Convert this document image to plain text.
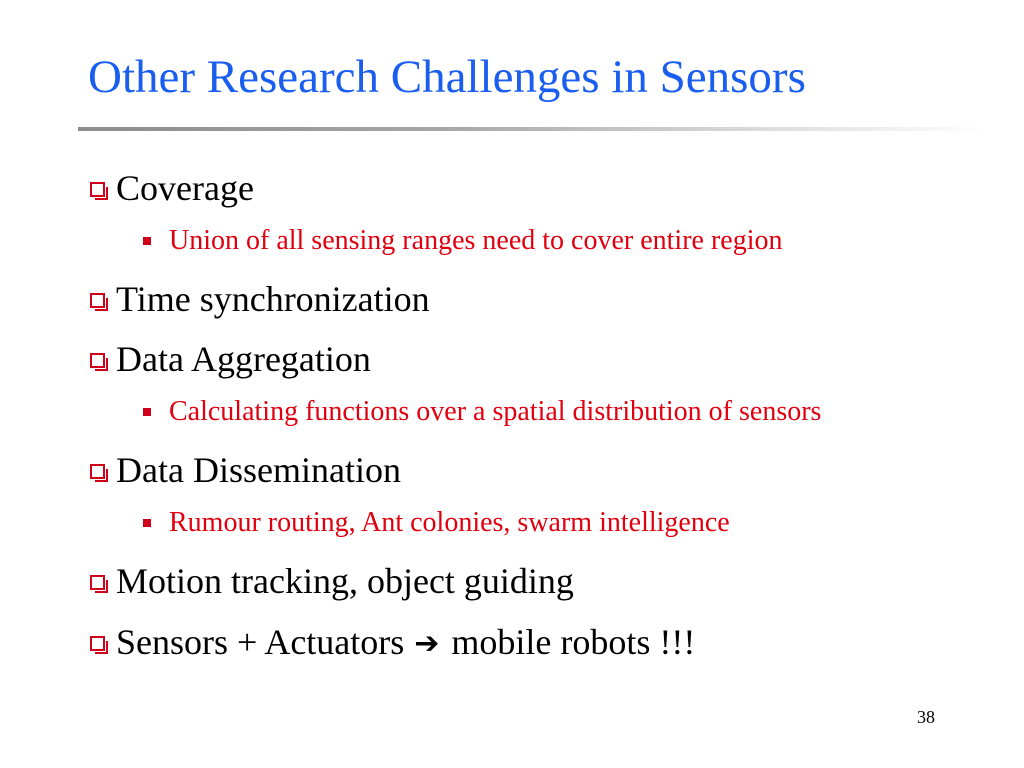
Other Research Challenges in Sensors
Coverage
Union of all sensing ranges need to cover entire region
Time synchronization
Data Aggregation
Calculating functions over a spatial distribution of sensors
Data Dissemination
Rumour routing, Ant colonies, swarm intelligence
Motion tracking, object guiding
Sensors + Actuators ➔ mobile robots !!!
38
